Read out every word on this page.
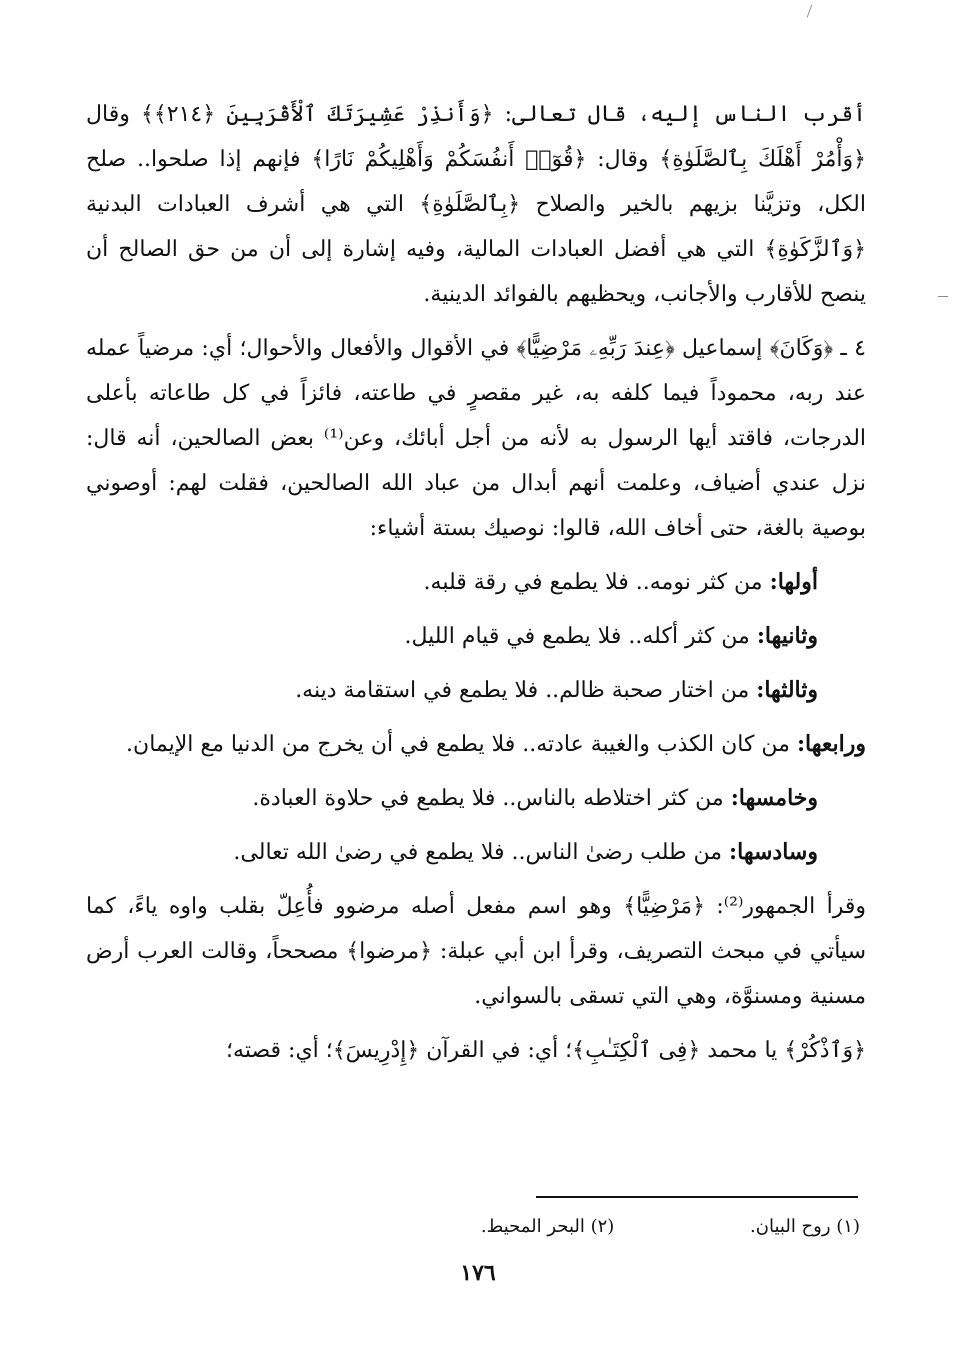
أقرب الناس إليه، قال تعالى: ﴿وَأَنذِرْ عَشِيرَتَكَ ٱلْأَقْرَبِينَ ﴿٢١٤﴾﴾ وقال ﴿وَأْمُرْ أَهْلَكَ بِٱلصَّلَوٰةِ﴾ وقال: ﴿قُوٓا۟ أَنفُسَكُمْ وَأَهْلِيكُمْ نَارًا﴾ فإنهم إذا صلحوا.. صلح الكل، وتزيَّنا بزيهم بالخير والصلاح ﴿بِٱلصَّلَوٰةِ﴾ التي هي أشرف العبادات البدنية ﴿وَٱلزَّكَوٰةِ﴾ التي هي أفضل العبادات المالية، وفيه إشارة إلى أن من حق الصالح أن ينصح للأقارب والأجانب، ويحظيهم بالفوائد الدينية.

٤ ـ ﴿وَكَانَ﴾ إسماعيل ﴿عِندَ رَبِّهِۦ مَرْضِيًّا﴾ في الأقوال والأفعال والأحوال؛ أي: مرضياً عمله عند ربه، محموداً فيما كلفه به، غير مقصرٍ في طاعته، فائزاً في كل طاعاته بأعلى الدرجات، فاقتد أيها الرسول به لأنه من أجل أبائك، وعن⁽¹⁾ بعض الصالحين، أنه قال: نزل عندي أضياف، وعلمت أنهم أبدال من عباد الله الصالحين، فقلت لهم: أوصوني بوصية بالغة، حتى أخاف الله، قالوا: نوصيك بستة أشياء:

أولها: من كثر نومه.. فلا يطمع في رقة قلبه.
وثانيها: من كثر أكله.. فلا يطمع في قيام الليل.
وثالثها: من اختار صحبة ظالم.. فلا يطمع في استقامة دينه.
ورابعها: من كان الكذب والغيبة عادته.. فلا يطمع في أن يخرج من الدنيا مع الإيمان.
وخامسها: من كثر اختلاطه بالناس.. فلا يطمع في حلاوة العبادة.
وسادسها: من طلب رضىٰ الناس.. فلا يطمع في رضىٰ الله تعالى.

وقرأ الجمهور⁽²⁾: ﴿مَرْضِيًّا﴾ وهو اسم مفعل أصله مرضوو فأُعِلّ بقلب واوه ياءً، كما سيأتي في مبحث التصريف، وقرأ ابن أبي عبلة: ﴿مرضوا﴾ مصححاً، وقالت العرب أرض مسنية ومسنوَّة، وهي التي تسقى بالسواني.

﴿وَٱذْكُرْ﴾ يا محمد ﴿فِى ٱلْكِتَـٰبِ﴾؛ أي: في القرآن ﴿إِدْرِيسَ﴾؛ أي: قصته؛

(١) روح البيان. (٢) البحر المحيط.
١٧٦
